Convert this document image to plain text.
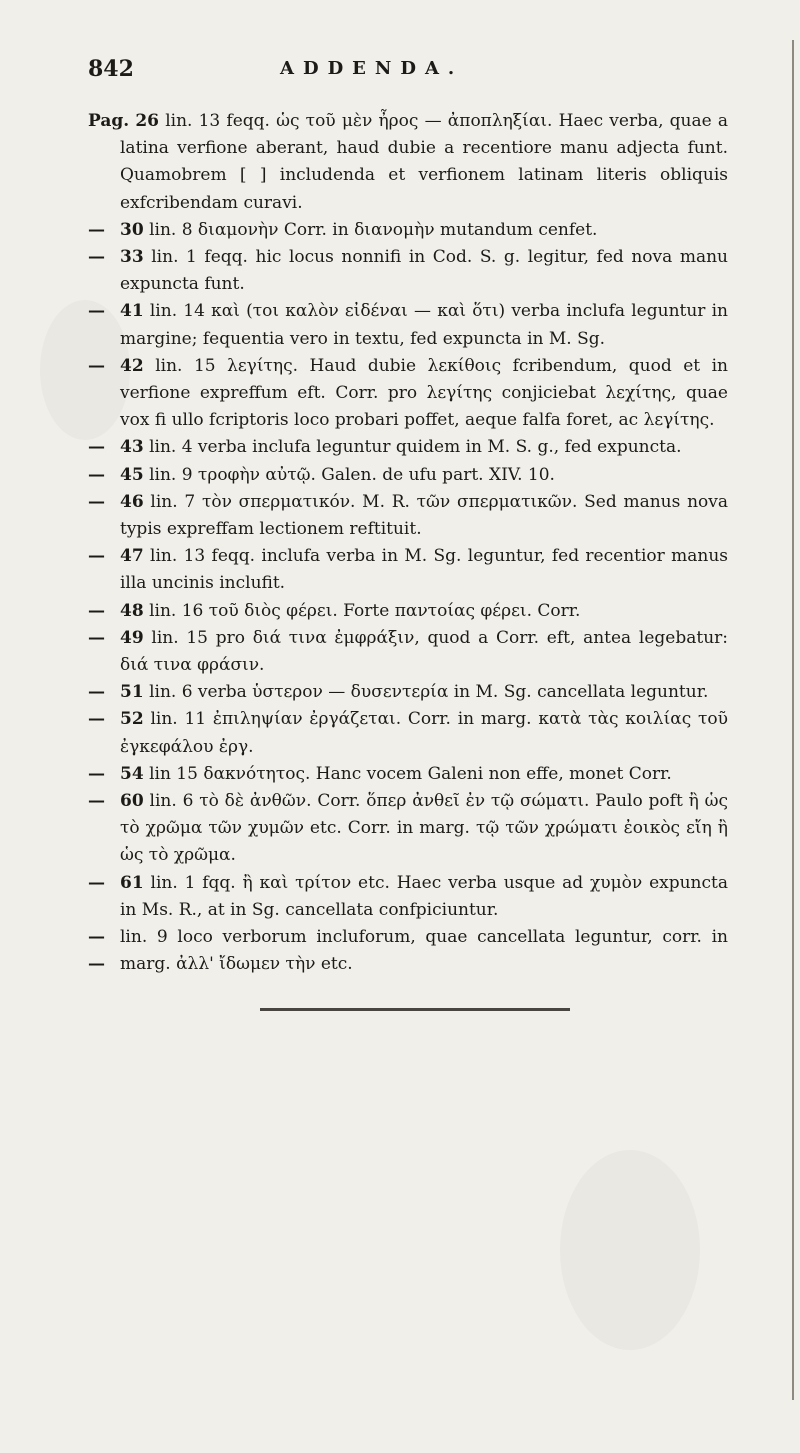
842	ADDENDA.
Pag. 26 lin. 13 feqq. ὡς τοῦ μὲν ἦρος — ἀποπληξίαι. Haec verba, quae a latina verfione aberant, haud dubie a recentiore manu adjecta funt. Quamobrem [ ] includenda et verfionem latinam literis obliquis exfcribendam curavi.
— 30 lin. 8 διαμονὴν Corr. in διανομὴν mutandum cenfet.
— 33 lin. 1 feqq. hic locus nonnifi in Cod. S. g. legitur, fed nova manu expuncta funt.
— 41 lin. 14 καὶ (τοι καλὸν εἰδέναι — καὶ ὅτι) verba inclufa leguntur in margine; fequentia vero in textu, fed expuncta in M. Sg.
— 42 lin. 15 λεγίτης. Haud dubie λεκίθοις fcribendum, quod et in verfione expreffum eft. Corr. pro λεγίτης conjiciebat λεχίτης, quae vox fi ullo fcriptoris loco probari poffet, aeque falfa foret, ac λεγίτης.
— 43 lin. 4 verba inclufa leguntur quidem in M. S. g., fed expuncta.
— 45 lin. 9 τροφὴν αὐτῷ. Galen. de ufu part. XIV. 10.
— 46 lin. 7 τὸν σπερματικόν. M. R. τῶν σπερματικῶν. Sed manus nova typis expreffam lectionem reftituit.
— 47 lin. 13 feqq. inclufa verba in M. Sg. leguntur, fed recentior manus illa uncinis inclufit.
— 48 lin. 16 τοῦ διὸς φέρει. Forte παντοίας φέρει. Corr.
— 49 lin. 15 pro διά τινα ἐμφράξιν, quod a Corr. eft, antea legebatur: διά τινα φράσιν.
— 51 lin. 6 verba ὑστερον — δυσεντερία in M. Sg. cancellata leguntur.
— 52 lin. 11 ἐπιληψίαν ἐργάζεται. Corr. in marg. κατὰ τὰς κοιλίας τοῦ ἐγκεφάλου ἐργ.
— 54 lin 15 δακνότητος. Hanc vocem Galeni non effe, monet Corr.
— 60 lin. 6 τὸ δὲ ἀνθῶν. Corr. ὅπερ ἀνθεῖ ἐν τῷ σώματι. Paulo poft ἢ ὡς τὸ χρῶμα τῶν χυμῶν etc. Corr. in marg. τῷ τῶν χρώματι ἐοικὸς εἴη ἢ ὡς τὸ χρῶμα.
— 61 lin. 1 fqq. ἢ καὶ τρίτον etc. Haec verba usque ad χυμὸν expuncta in Ms. R., at in Sg. cancellata confpiciuntur.
— —
lin. 9 loco verborum incluforum, quae cancellata leguntur, corr. in marg. ἀλλ' ἴδωμεν τὴν etc.
